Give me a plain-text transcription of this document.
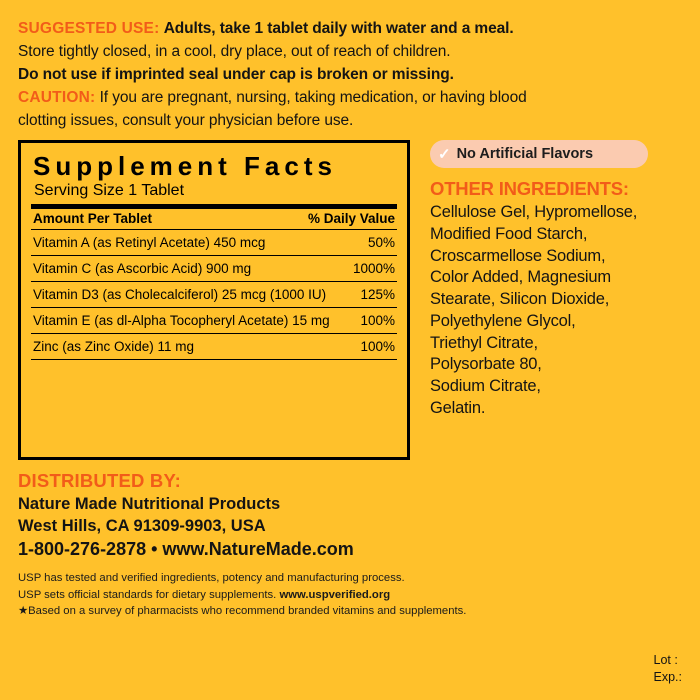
SUGGESTED USE: Adults, take 1 tablet daily with water and a meal.

Store tightly closed, in a cool, dry place, out of reach of children.

Do not use if imprinted seal under cap is broken or missing.

CAUTION: If you are pregnant, nursing, taking medication, or having blood

clotting issues, consult your physician before use.

Supplement Facts
Serving Size 1 Tablet
Amount Per Tablet	% Daily Value
Vitamin A (as Retinyl Acetate) 450 mcg	50%
Vitamin C (as Ascorbic Acid) 900 mg	1000%
Vitamin D3 (as Cholecalciferol) 25 mcg (1000 IU)	125%
Vitamin E (as dl-Alpha Tocopheryl Acetate) 15 mg 100%
Zinc (as Zinc Oxide) 11 mg	100%
✓ No Artificial Flavors
OTHER INGREDIENTS:
Cellulose Gel, Hypromellose,
Modified Food Starch,
Croscarmellose Sodium,
Color Added, Magnesium
Stearate, Silicon Dioxide,
Polyethylene Glycol,
Triethyl Citrate,
Polysorbate 80,
Sodium Citrate,
Gelatin.
DISTRIBUTED BY:
Nature Made Nutritional Products
West Hills, CA 91309-9903, USA
1-800-276-2878 • www.NatureMade.com
USP has tested and verified ingredients, potency and manufacturing process.
USP sets official standards for dietary supplements. www.uspverified.org
★Based on a survey of pharmacists who recommend branded vitamins and supplements.
Lot :
Exp.:
